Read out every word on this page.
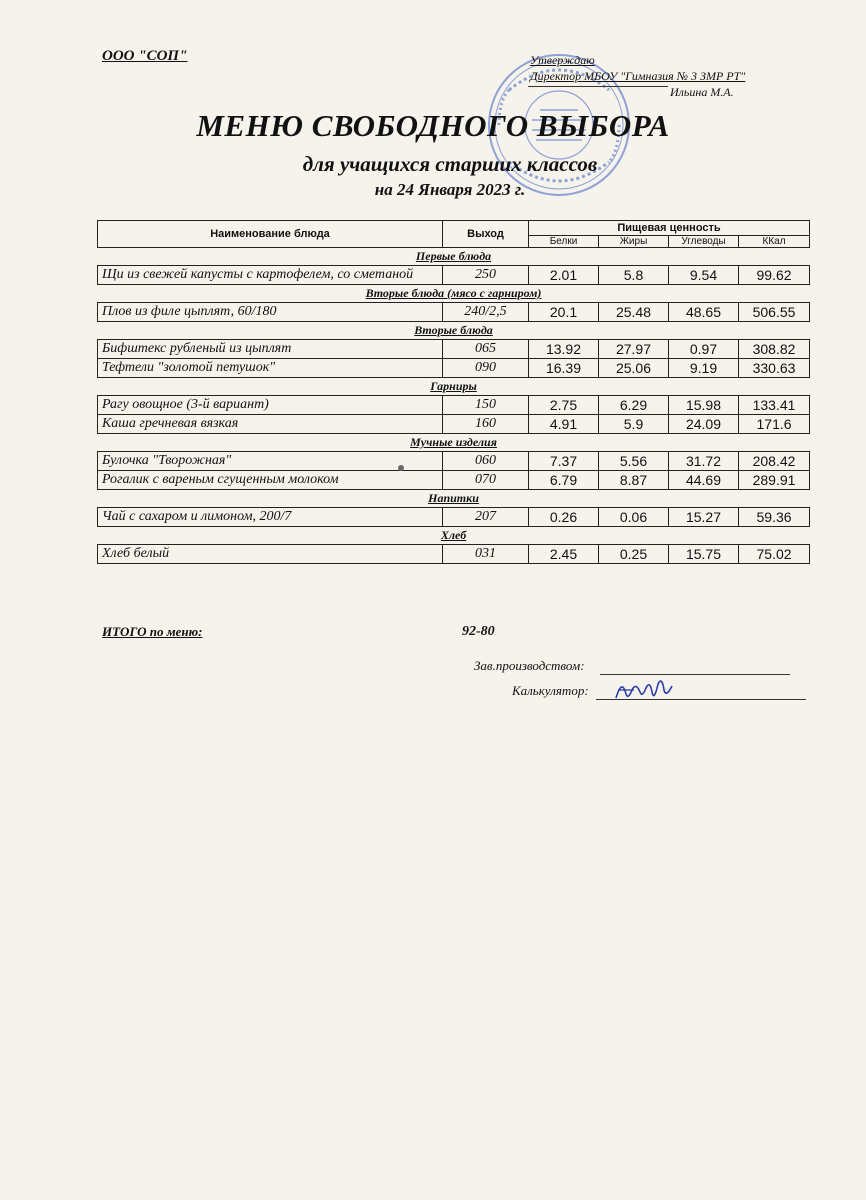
ООО "СОП"	Утверждаю
Директор МБОУ "Гимназия № 3 ЗМР РТ"
Ильина М.А.
МЕНЮ СВОБОДНОГО ВЫБОРА
для учащихся старших классов
на 24 Января 2023 г.
Наименование блюда	Выход	Пищевая ценность			
		Белки	Жиры	Углеводы	ККал
Первые блюда					
Щи из свежей капусты с картофелем, со сметаной	250	2.01	5.8	9.54	99.62
Вторые блюда (мясо с гарниром)					
Плов из филе цыплят, 60/180	240/2,5	20.1	25.48	48.65	506.55
Вторые блюда					
Бифштекс рубленый из цыплят	065	13.92	27.97	0.97	308.82
Тефтели "золотой петушок"	090	16.39	25.06	9.19	330.63
Гарниры					
Рагу овощное (3-й вариант)	150	2.75	6.29	15.98	133.41
Каша гречневая вязкая	160	4.91	5.9	24.09	171.6
Мучные изделия					
Булочка "Творожная"	060	7.37	5.56	31.72	208.42
Рогалик с вареным сгущенным молоком	070	6.79	8.87	44.69	289.91
Напитки					
Чай с сахаром и лимоном, 200/7	207	0.26	0.06	15.27	59.36
Хлеб					
Хлеб белый	031	2.45	0.25	15.75	75.02
ИТОГО по меню:	92-80
Зав.производством:
Калькулятор:
